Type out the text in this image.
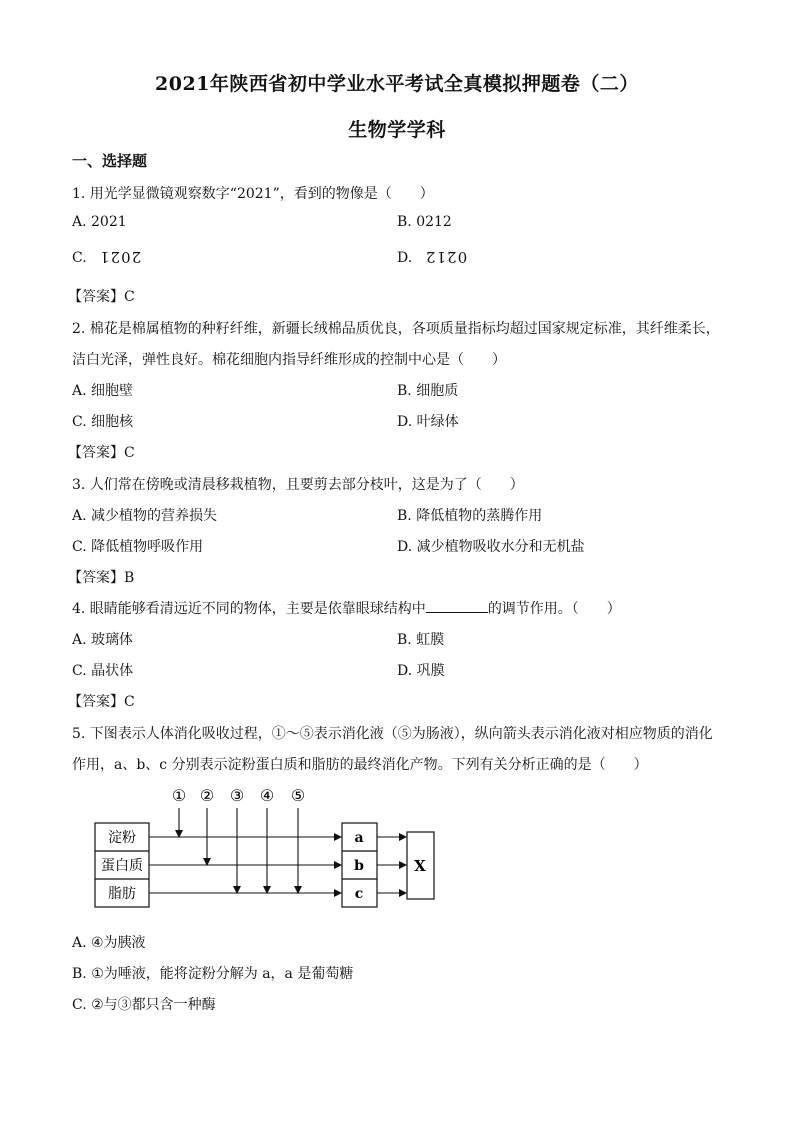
2021年陕西省初中学业水平考试全真模拟押题卷（二）
生物学学科
一、选择题
1. 用光学显微镜观察数字“2021”，看到的物像是（　　）
A. 2021	B. 0212
C. 2021	D. 0212
【答案】C
2. 棉花是棉属植物的种籽纤维，新疆长绒棉品质优良，各项质量指标均超过国家规定标准，其纤维柔长，
洁白光泽，弹性良好。棉花细胞内指导纤维形成的控制中心是（　　）
A. 细胞壁	B. 细胞质
C. 细胞核	D. 叶绿体
【答案】C
3. 人们常在傍晚或清晨移栽植物，且要剪去部分枝叶，这是为了（　　）
A. 减少植物的营养损失	B. 降低植物的蒸腾作用
C. 降低植物呼吸作用	D. 减少植物吸收水分和无机盐
【答案】B
4. 眼睛能够看清远近不同的物体，主要是依靠眼球结构中	的调节作用。（　　）
A. 玻璃体	B. 虹膜
C. 晶状体	D. 巩膜
【答案】C
5. 下图表示人体消化吸收过程，①～⑤表示消化液（⑤为肠液），纵向箭头表示消化液对相应物质的消化
作用，a、b、c 分别表示淀粉蛋白质和脂肪的最终消化产物。下列有关分析正确的是（　　）
① ② ③ ④ ⑤
淀粉
蛋白质
脂肪
a
b
c
X
A. ④为胰液
B. ①为唾液，能将淀粉分解为 a，a 是葡萄糖
C. ②与③都只含一种酶
